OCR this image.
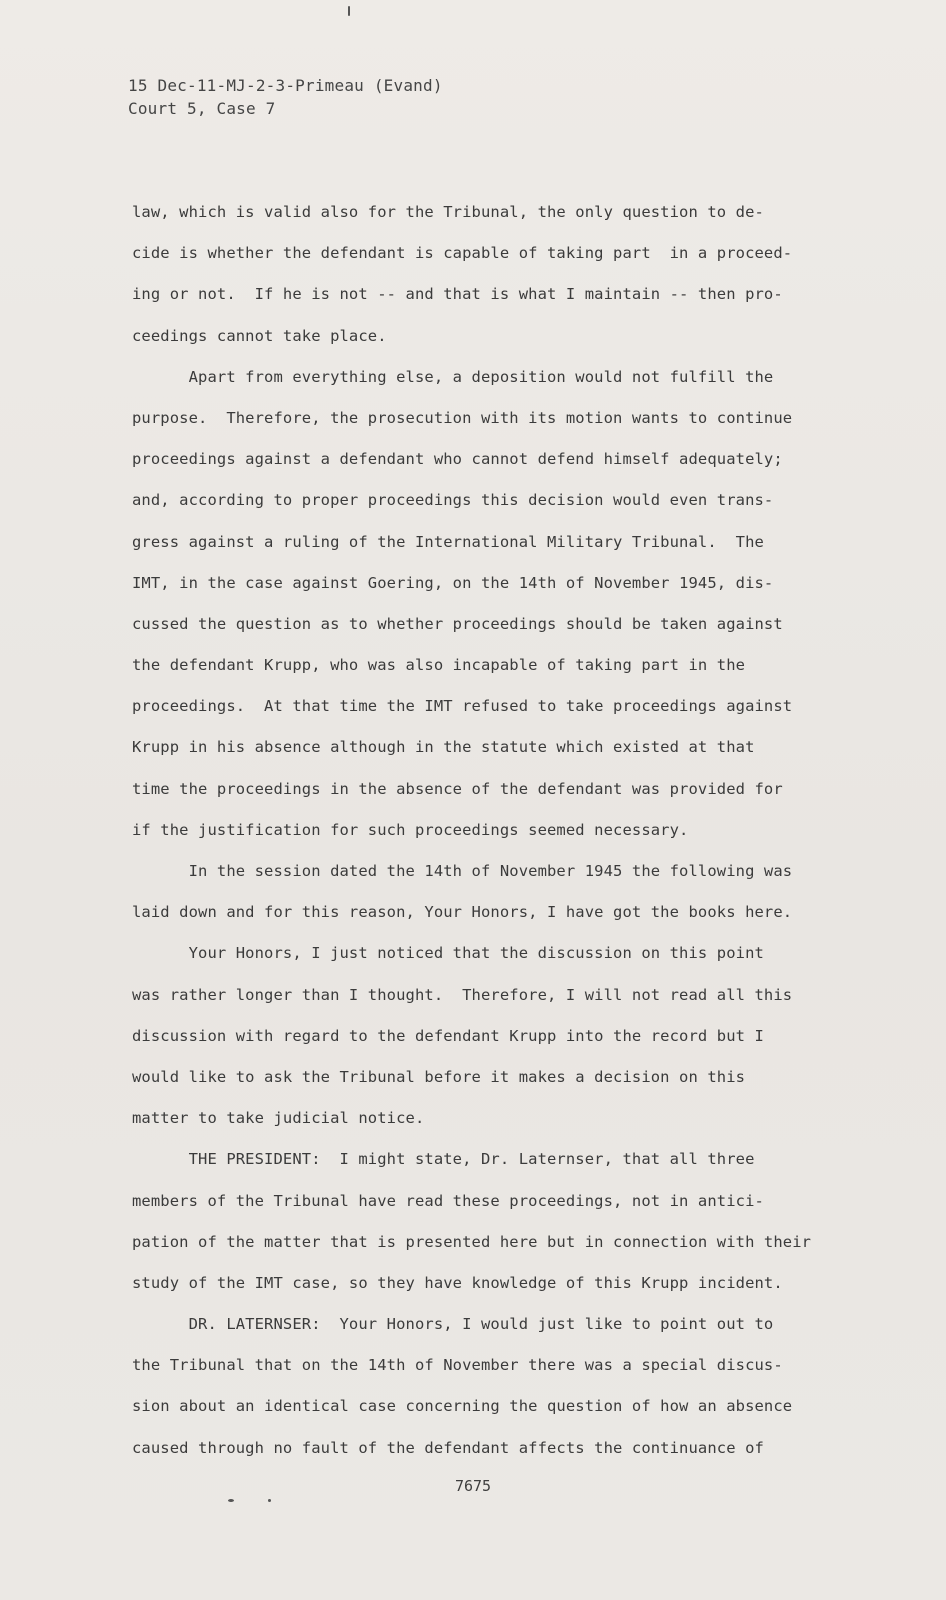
15 Dec-11-MJ-2-3-Primeau (Evand)
Court 5, Case 7
law, which is valid also for the Tribunal, the only question to de-
cide is whether the defendant is capable of taking part  in a proceed-
ing or not.  If he is not -- and that is what I maintain -- then pro-
ceedings cannot take place.
Apart from everything else, a deposition would not fulfill the
purpose.  Therefore, the prosecution with its motion wants to continue
proceedings against a defendant who cannot defend himself adequately;
and, according to proper proceedings this decision would even trans-
gress against a ruling of the International Military Tribunal.  The
IMT, in the case against Goering, on the 14th of November 1945, dis-
cussed the question as to whether proceedings should be taken against
the defendant Krupp, who was also incapable of taking part in the
proceedings.  At that time the IMT refused to take proceedings against
Krupp in his absence although in the statute which existed at that
time the proceedings in the absence of the defendant was provided for
if the justification for such proceedings seemed necessary.
In the session dated the 14th of November 1945 the following was
laid down and for this reason, Your Honors, I have got the books here.
Your Honors, I just noticed that the discussion on this point
was rather longer than I thought.  Therefore, I will not read all this
discussion with regard to the defendant Krupp into the record but I
would like to ask the Tribunal before it makes a decision on this
matter to take judicial notice.
THE PRESIDENT:  I might state, Dr. Laternser, that all three
members of the Tribunal have read these proceedings, not in antici-
pation of the matter that is presented here but in connection with their
study of the IMT case, so they have knowledge of this Krupp incident.
DR. LATERNSER:  Your Honors, I would just like to point out to
the Tribunal that on the 14th of November there was a special discus-
sion about an identical case concerning the question of how an absence
caused through no fault of the defendant affects the continuance of
7675
